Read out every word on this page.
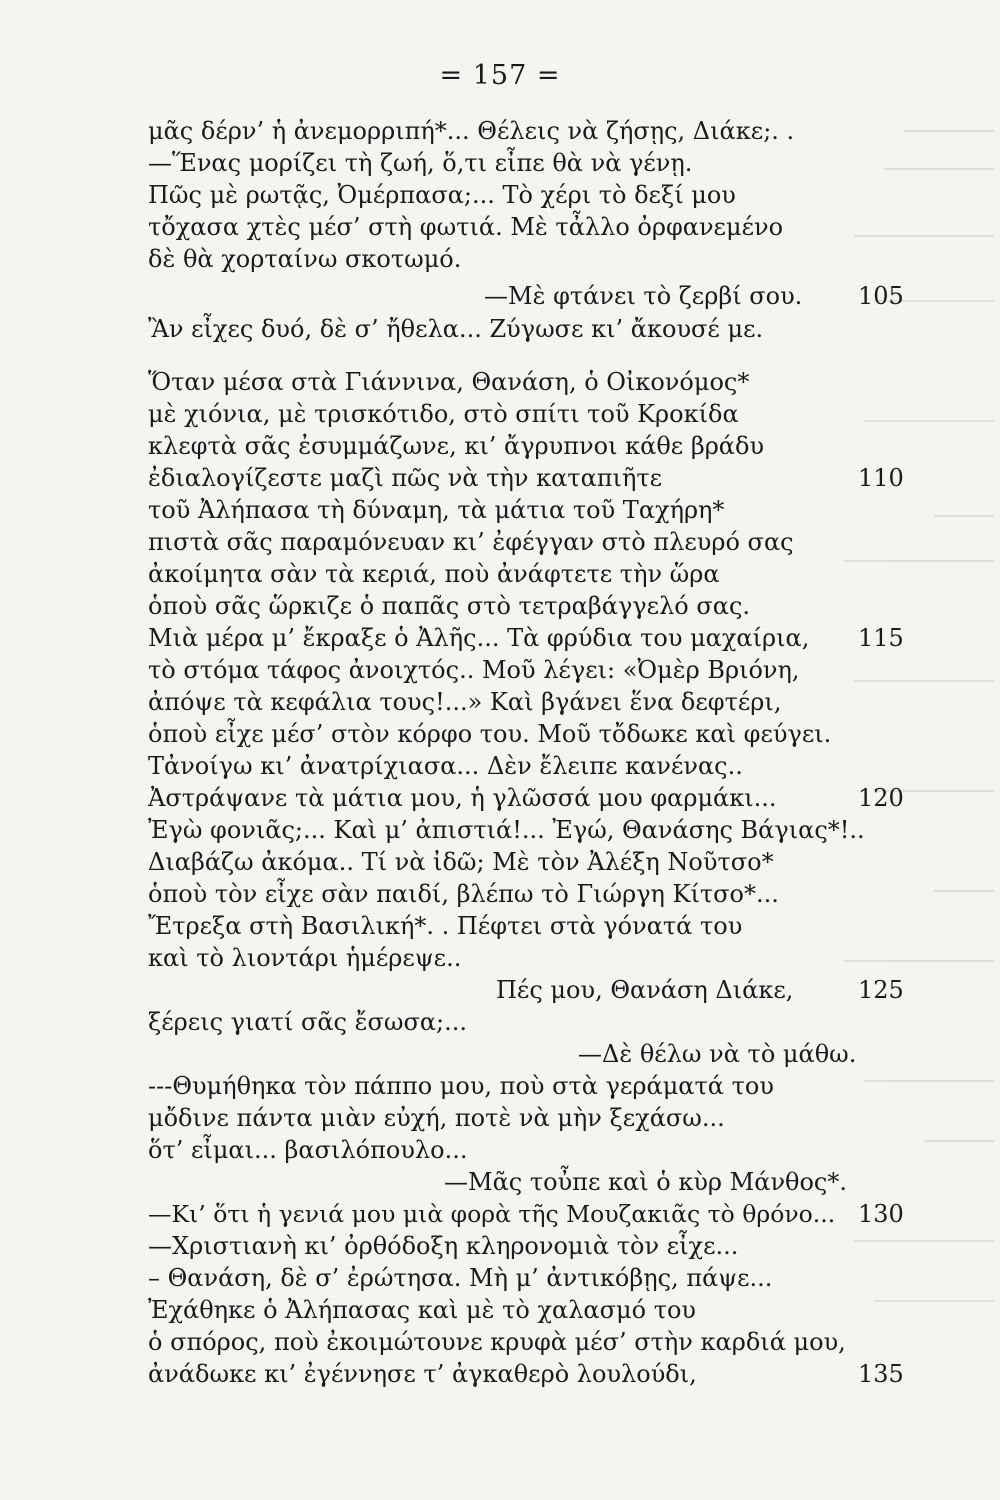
= 157 =
μᾶς δέρν’ ἡ ἀνεμορριπή*... Θέλεις νὰ ζήσῃς, Διάκε;. .
—Ἕνας μορίζει τὴ ζωή, ὅ,τι εἶπε θὰ νὰ γένῃ.
Πῶς μὲ ρωτᾷς, Ὀμέρπασα;... Τὸ χέρι τὸ δεξί μου
τὄχασα χτὲς μέσ’ στὴ φωτιά. Μὲ τἆλλο ὀρφανεμένο
δὲ θὰ χορταίνω σκοτωμό.
—Μὲ φτάνει τὸ ζερβί σου. 105
Ἂν εἶχες δυό, δὲ σ’ ἤθελα... Ζύγωσε κι’ ἄκουσέ με.
Ὅταν μέσα στὰ Γιάννινα, Θανάση, ὁ Οἰκονόμος*
μὲ χιόνια, μὲ τρισκότιδο, στὸ σπίτι τοῦ Κροκίδα
κλεφτὰ σᾶς ἐσυμμάζωνε, κι’ ἄγρυπνοι κάθε βράδυ
ἐδιαλογίζεστε μαζὶ πῶς νὰ τὴν καταπιῆτε	110
τοῦ Ἀλήπασα τὴ δύναμη, τὰ μάτια τοῦ Ταχήρη*
πιστὰ σᾶς παραμόνευαν κι’ ἐφέγγαν στὸ πλευρό σας
ἀκοίμητα σὰν τὰ κεριά, ποὺ ἀνάφτετε τὴν ὥρα
ὁποὺ σᾶς ὥρκιζε ὁ παπᾶς στὸ τετραβάγγελό σας.
Μιὰ μέρα μ’ ἔκραξε ὁ Ἀλῆς... Τὰ φρύδια του μαχαίρια, 115
τὸ στόμα τάφος ἀνοιχτός.. Μοῦ λέγει: «Ὀμὲρ Βριόνη,
ἀπόψε τὰ κεφάλια τους!...» Καὶ βγάνει ἕνα δεφτέρι,
ὁποὺ εἶχε μέσ’ στὸν κόρφο του. Μοῦ τὄδωκε καὶ φεύγει.
Τἀνοίγω κι’ ἀνατρίχιασα... Δὲν ἔλειπε κανένας..
Ἀστράψανε τὰ μάτια μου, ἡ γλῶσσά μου φαρμάκι...	120
Ἐγὼ φονιᾶς;... Καὶ μ’ ἀπιστιά!... Ἐγώ, Θανάσης Βάγιας*!..
Διαβάζω ἀκόμα.. Τί νὰ ἰδῶ; Μὲ τὸν Ἀλέξη Νοῦτσο*
ὁποὺ τὸν εἶχε σὰν παιδί, βλέπω τὸ Γιώργη Κίτσο*...
Ἔτρεξα στὴ Βασιλική*. . Πέφτει στὰ γόνατά του
καὶ τὸ λιοντάρι ἡμέρεψε..
Πές μου, Θανάση Διάκε,	125
ξέρεις γιατί σᾶς ἔσωσα;...
—Δὲ θέλω νὰ τὸ μάθω.
---Θυμήθηκα τὸν πάππο μου, ποὺ στὰ γεράματά του
μὄδινε πάντα μιὰν εὐχή, ποτὲ νὰ μὴν ξεχάσω...
ὅτ’ εἶμαι... βασιλόπουλο...
—Μᾶς τοὖπε καὶ ὁ κὺρ Μάνθος*.
—Κι’ ὅτι ἡ γενιά μου μιὰ φορὰ τῆς Μουζακιᾶς τὸ θρόνο... 130
—Χριστιανὴ κι’ ὀρθόδοξη κληρονομιὰ τὸν εἶχε...
– Θανάση, δὲ σ’ ἐρώτησα. Μὴ μ’ ἀντικόβῃς, πάψε...
Ἐχάθηκε ὁ Ἀλήπασας καὶ μὲ τὸ χαλασμό του
ὁ σπόρος, ποὺ ἐκοιμώτουνε κρυφὰ μέσ’ στὴν καρδιά μου,
ἀνάδωκε κι’ ἐγέννησε τ’ ἀγκαθερὸ λουλούδι,	135
